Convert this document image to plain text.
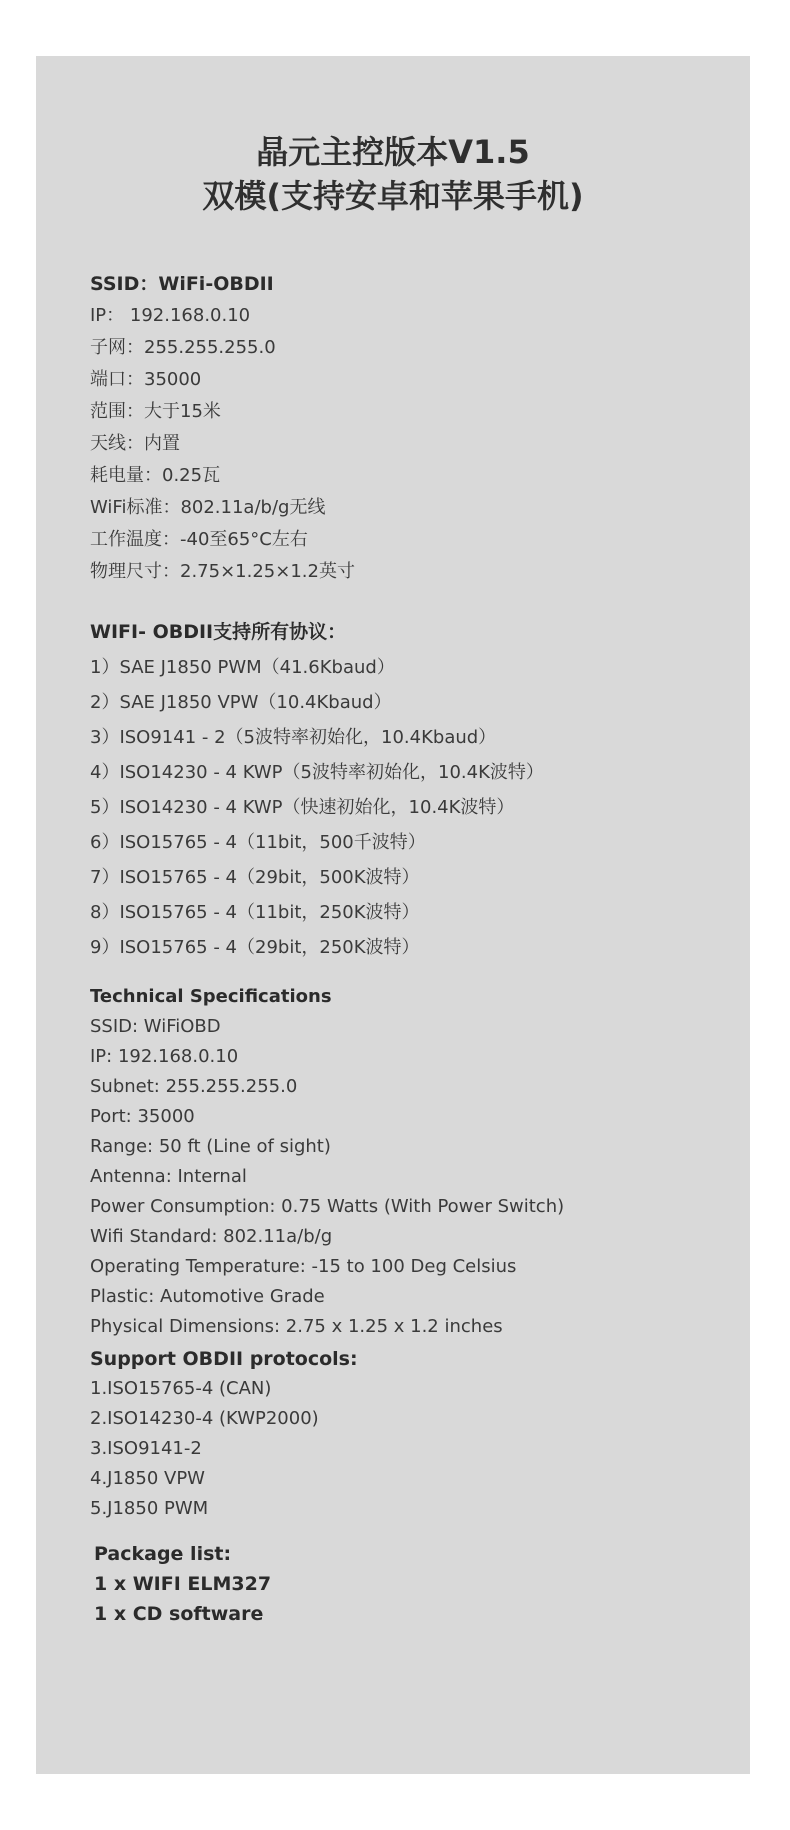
晶元主控版本V1.5
双模(支持安卓和苹果手机)
SSID：WiFi-OBDII
IP： 192.168.0.10
子网：255.255.255.0
端口：35000
范围：大于15米
天线：内置
耗电量：0.25瓦
WiFi标准：802.11a/b/g无线
工作温度：-40至65°C左右
物理尺寸：2.75×1.25×1.2英寸
WIFI- OBDII支持所有协议：
1）SAE J1850 PWM（41.6Kbaud）
2）SAE J1850 VPW（10.4Kbaud）
3）ISO9141 - 2（5波特率初始化，10.4Kbaud）
4）ISO14230 - 4 KWP（5波特率初始化，10.4K波特）
5）ISO14230 - 4 KWP（快速初始化，10.4K波特）
6）ISO15765 - 4（11bit，500千波特）
7）ISO15765 - 4（29bit，500K波特）
8）ISO15765 - 4（11bit，250K波特）
9）ISO15765 - 4（29bit，250K波特）
Technical Specifications
SSID: WiFiOBD
IP: 192.168.0.10
Subnet: 255.255.255.0
Port: 35000
Range: 50 ft (Line of sight)
Antenna: Internal
Power Consumption: 0.75 Watts (With Power Switch)
Wifi Standard: 802.11a/b/g
Operating Temperature: -15 to 100 Deg Celsius
Plastic: Automotive Grade
Physical Dimensions: 2.75 x 1.25 x 1.2 inches
Support OBDII protocols:
1.ISO15765-4 (CAN)
2.ISO14230-4 (KWP2000)
3.ISO9141-2
4.J1850 VPW
5.J1850 PWM
Package list:
1 x WIFI ELM327
1 x CD software
